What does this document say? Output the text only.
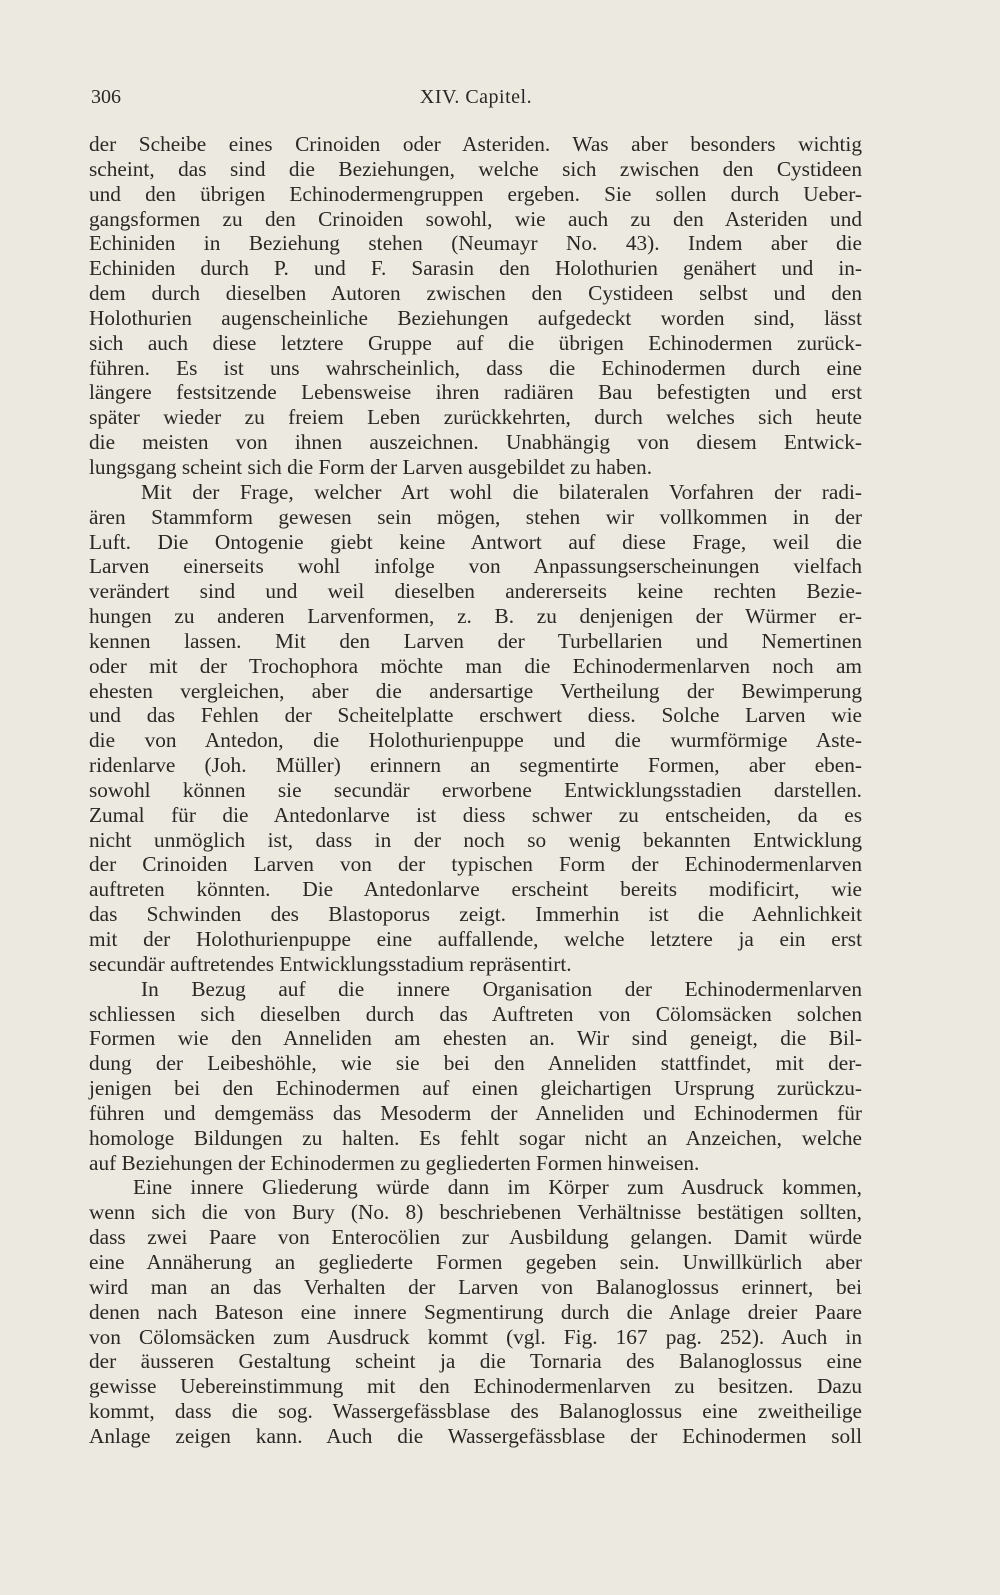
306	XIV. Capitel.
der Scheibe eines Crinoiden oder Asteriden. Was aber besonders wichtig
scheint, das sind die Beziehungen, welche sich zwischen den Cystideen
und den übrigen Echinodermengruppen ergeben. Sie sollen durch Ueber-
gangsformen zu den Crinoiden sowohl, wie auch zu den Asteriden und
Echiniden in Beziehung stehen (Neumayr No. 43). Indem aber die
Echiniden durch P. und F. Sarasin den Holothurien genähert und in-
dem durch dieselben Autoren zwischen den Cystideen selbst und den
Holothurien augenscheinliche Beziehungen aufgedeckt worden sind, lässt
sich auch diese letztere Gruppe auf die übrigen Echinodermen zurück-
führen. Es ist uns wahrscheinlich, dass die Echinodermen durch eine
längere festsitzende Lebensweise ihren radiären Bau befestigten und erst
später wieder zu freiem Leben zurückkehrten, durch welches sich heute
die meisten von ihnen auszeichnen. Unabhängig von diesem Entwick-
lungsgang scheint sich die Form der Larven ausgebildet zu haben.
Mit der Frage, welcher Art wohl die bilateralen Vorfahren der radi-
ären Stammform gewesen sein mögen, stehen wir vollkommen in der
Luft. Die Ontogenie giebt keine Antwort auf diese Frage, weil die
Larven einerseits wohl infolge von Anpassungserscheinungen vielfach
verändert sind und weil dieselben andererseits keine rechten Bezie-
hungen zu anderen Larvenformen, z. B. zu denjenigen der Würmer er-
kennen lassen. Mit den Larven der Turbellarien und Nemertinen
oder mit der Trochophora möchte man die Echinodermenlarven noch am
ehesten vergleichen, aber die andersartige Vertheilung der Bewimperung
und das Fehlen der Scheitelplatte erschwert diess. Solche Larven wie
die von Antedon, die Holothurienpuppe und die wurmförmige Aste-
ridenlarve (Joh. Müller) erinnern an segmentirte Formen, aber eben-
sowohl können sie secundär erworbene Entwicklungsstadien darstellen.
Zumal für die Antedonlarve ist diess schwer zu entscheiden, da es
nicht unmöglich ist, dass in der noch so wenig bekannten Entwicklung
der Crinoiden Larven von der typischen Form der Echinodermenlarven
auftreten könnten. Die Antedonlarve erscheint bereits modificirt, wie
das Schwinden des Blastoporus zeigt. Immerhin ist die Aehnlichkeit
mit der Holothurienpuppe eine auffallende, welche letztere ja ein erst
secundär auftretendes Entwicklungsstadium repräsentirt.
In Bezug auf die innere Organisation der Echinodermenlarven
schliessen sich dieselben durch das Auftreten von Cölomsäcken solchen
Formen wie den Anneliden am ehesten an. Wir sind geneigt, die Bil-
dung der Leibeshöhle, wie sie bei den Anneliden stattfindet, mit der-
jenigen bei den Echinodermen auf einen gleichartigen Ursprung zurückzu-
führen und demgemäss das Mesoderm der Anneliden und Echinodermen für
homologe Bildungen zu halten. Es fehlt sogar nicht an Anzeichen, welche
auf Beziehungen der Echinodermen zu gegliederten Formen hinweisen.
Eine innere Gliederung würde dann im Körper zum Ausdruck kommen,
wenn sich die von Bury (No. 8) beschriebenen Verhältnisse bestätigen sollten,
dass zwei Paare von Enterocölien zur Ausbildung gelangen. Damit würde
eine Annäherung an gegliederte Formen gegeben sein. Unwillkürlich aber
wird man an das Verhalten der Larven von Balanoglossus erinnert, bei
denen nach Bateson eine innere Segmentirung durch die Anlage dreier Paare
von Cölomsäcken zum Ausdruck kommt (vgl. Fig. 167 pag. 252). Auch in
der äusseren Gestaltung scheint ja die Tornaria des Balanoglossus eine
gewisse Uebereinstimmung mit den Echinodermenlarven zu besitzen. Dazu
kommt, dass die sog. Wassergefässblase des Balanoglossus eine zweitheilige
Anlage zeigen kann. Auch die Wassergefässblase der Echinodermen soll
